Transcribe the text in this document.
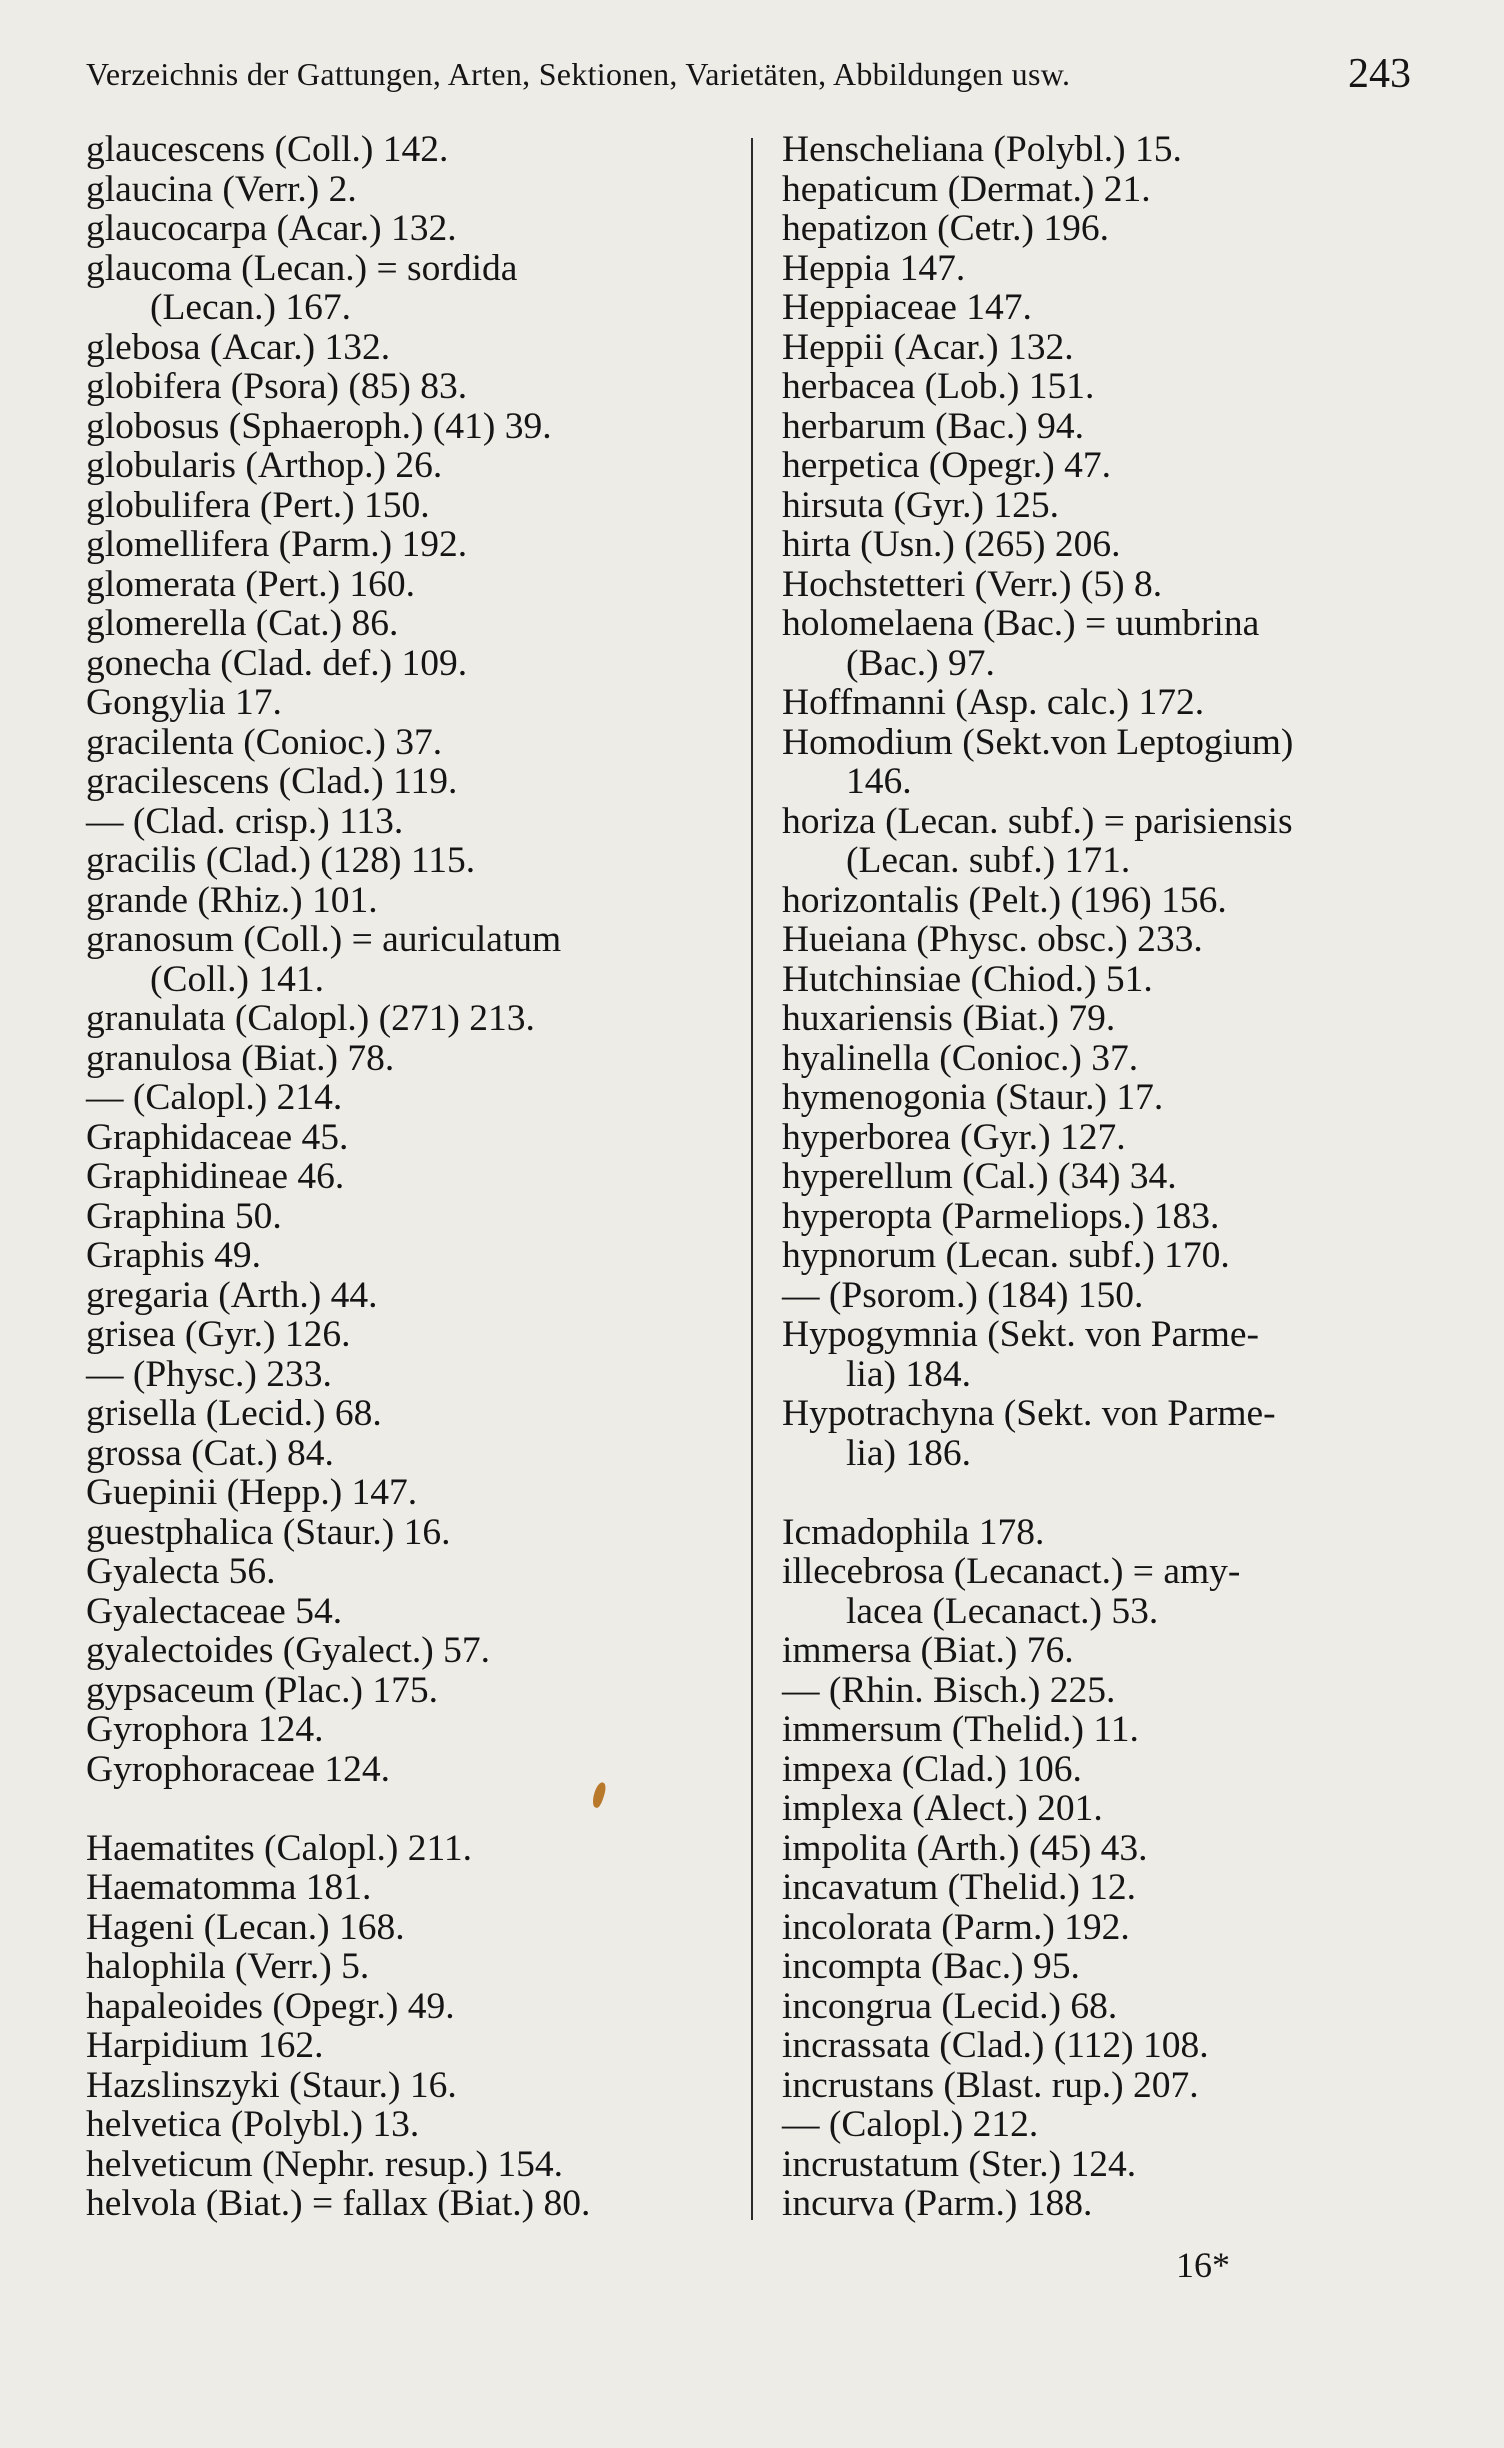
Verzeichnis der Gattungen, Arten, Sektionen, Varietäten, Abbildungen usw.	243
glaucescens (Coll.) 142.
glaucina (Verr.) 2.
glaucocarpa (Acar.) 132.
glaucoma (Lecan.) = sordida
(Lecan.) 167.
glebosa (Acar.) 132.
globifera (Psora) (85) 83.
globosus (Sphaeroph.) (41) 39.
globularis (Arthop.) 26.
globulifera (Pert.) 150.
glomellifera (Parm.) 192.
glomerata (Pert.) 160.
glomerella (Cat.) 86.
gonecha (Clad. def.) 109.
Gongylia 17.
gracilenta (Conioc.) 37.
gracilescens (Clad.) 119.
— (Clad. crisp.) 113.
gracilis (Clad.) (128) 115.
grande (Rhiz.) 101.
granosum (Coll.) = auriculatum
(Coll.) 141.
granulata (Calopl.) (271) 213.
granulosa (Biat.) 78.
— (Calopl.) 214.
Graphidaceae 45.
Graphidineae 46.
Graphina 50.
Graphis 49.
gregaria (Arth.) 44.
grisea (Gyr.) 126.
— (Physc.) 233.
grisella (Lecid.) 68.
grossa (Cat.) 84.
Guepinii (Hepp.) 147.
guestphalica (Staur.) 16.
Gyalecta 56.
Gyalectaceae 54.
gyalectoides (Gyalect.) 57.
gypsaceum (Plac.) 175.
Gyrophora 124.
Gyrophoraceae 124.
Haematites (Calopl.) 211.
Haematomma 181.
Hageni (Lecan.) 168.
halophila (Verr.) 5.
hapaleoides (Opegr.) 49.
Harpidium 162.
Hazslinszyki (Staur.) 16.
helvetica (Polybl.) 13.
helveticum (Nephr. resup.) 154.
helvola (Biat.) = fallax (Biat.) 80.
Henscheliana (Polybl.) 15.
hepaticum (Dermat.) 21.
hepatizon (Cetr.) 196.
Heppia 147.
Heppiaceae 147.
Heppii (Acar.) 132.
herbacea (Lob.) 151.
herbarum (Bac.) 94.
herpetica (Opegr.) 47.
hirsuta (Gyr.) 125.
hirta (Usn.) (265) 206.
Hochstetteri (Verr.) (5) 8.
holomelaena (Bac.) = uumbrina
(Bac.) 97.
Hoffmanni (Asp. calc.) 172.
Homodium (Sekt.von Leptogium)
146.
horiza (Lecan. subf.) = parisiensis
(Lecan. subf.) 171.
horizontalis (Pelt.) (196) 156.
Hueiana (Physc. obsc.) 233.
Hutchinsiae (Chiod.) 51.
huxariensis (Biat.) 79.
hyalinella (Conioc.) 37.
hymenogonia (Staur.) 17.
hyperborea (Gyr.) 127.
hyperellum (Cal.) (34) 34.
hyperopta (Parmeliops.) 183.
hypnorum (Lecan. subf.) 170.
— (Psorom.) (184) 150.
Hypogymnia (Sekt. von Parme-
lia) 184.
Hypotrachyna (Sekt. von Parme-
lia) 186.
Icmadophila 178.
illecebrosa (Lecanact.) = amy-
lacea (Lecanact.) 53.
immersa (Biat.) 76.
— (Rhin. Bisch.) 225.
immersum (Thelid.) 11.
impexa (Clad.) 106.
implexa (Alect.) 201.
impolita (Arth.) (45) 43.
incavatum (Thelid.) 12.
incolorata (Parm.) 192.
incompta (Bac.) 95.
incongrua (Lecid.) 68.
incrassata (Clad.) (112) 108.
incrustans (Blast. rup.) 207.
— (Calopl.) 212.
incrustatum (Ster.) 124.
incurva (Parm.) 188.
16*
